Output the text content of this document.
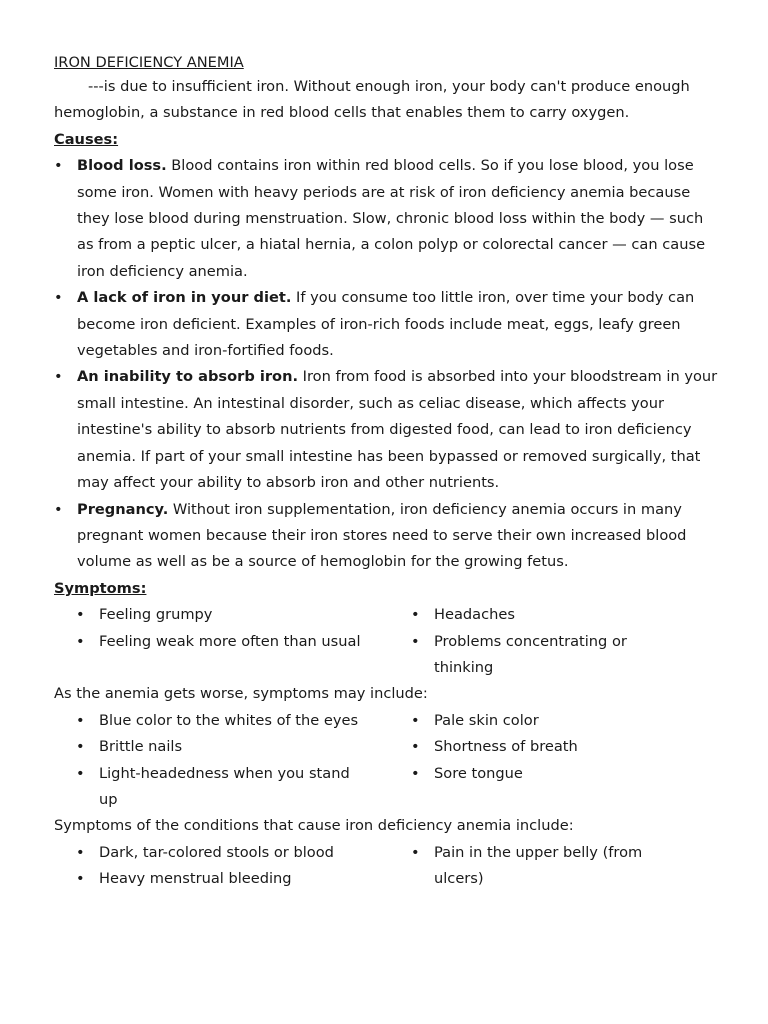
IRON DEFICIENCY ANEMIA

---is due to insufficient iron. Without enough iron, your body can't produce enough hemoglobin, a substance in red blood cells that enables them to carry oxygen.

Causes:

• Blood loss. Blood contains iron within red blood cells. So if you lose blood, you lose some iron. Women with heavy periods are at risk of iron deficiency anemia because they lose blood during menstruation. Slow, chronic blood loss within the body — such as from a peptic ulcer, a hiatal hernia, a colon polyp or colorectal cancer — can cause iron deficiency anemia.
• A lack of iron in your diet. If you consume too little iron, over time your body can become iron deficient. Examples of iron-rich foods include meat, eggs, leafy green vegetables and iron-fortified foods.
• An inability to absorb iron. Iron from food is absorbed into your bloodstream in your small intestine. An intestinal disorder, such as celiac disease, which affects your intestine's ability to absorb nutrients from digested food, can lead to iron deficiency anemia. If part of your small intestine has been bypassed or removed surgically, that may affect your ability to absorb iron and other nutrients.
• Pregnancy. Without iron supplementation, iron deficiency anemia occurs in many pregnant women because their iron stores need to serve their own increased blood volume as well as be a source of hemoglobin for the growing fetus.

Symptoms:

• Feeling grumpy
• Feeling weak more often than usual
• Headaches
• Problems concentrating or thinking

As the anemia gets worse, symptoms may include:

• Blue color to the whites of the eyes
• Brittle nails
• Light-headedness when you stand up
• Pale skin color
• Shortness of breath
• Sore tongue

Symptoms of the conditions that cause iron deficiency anemia include:

• Dark, tar-colored stools or blood
• Heavy menstrual bleeding
• Pain in the upper belly (from ulcers)
